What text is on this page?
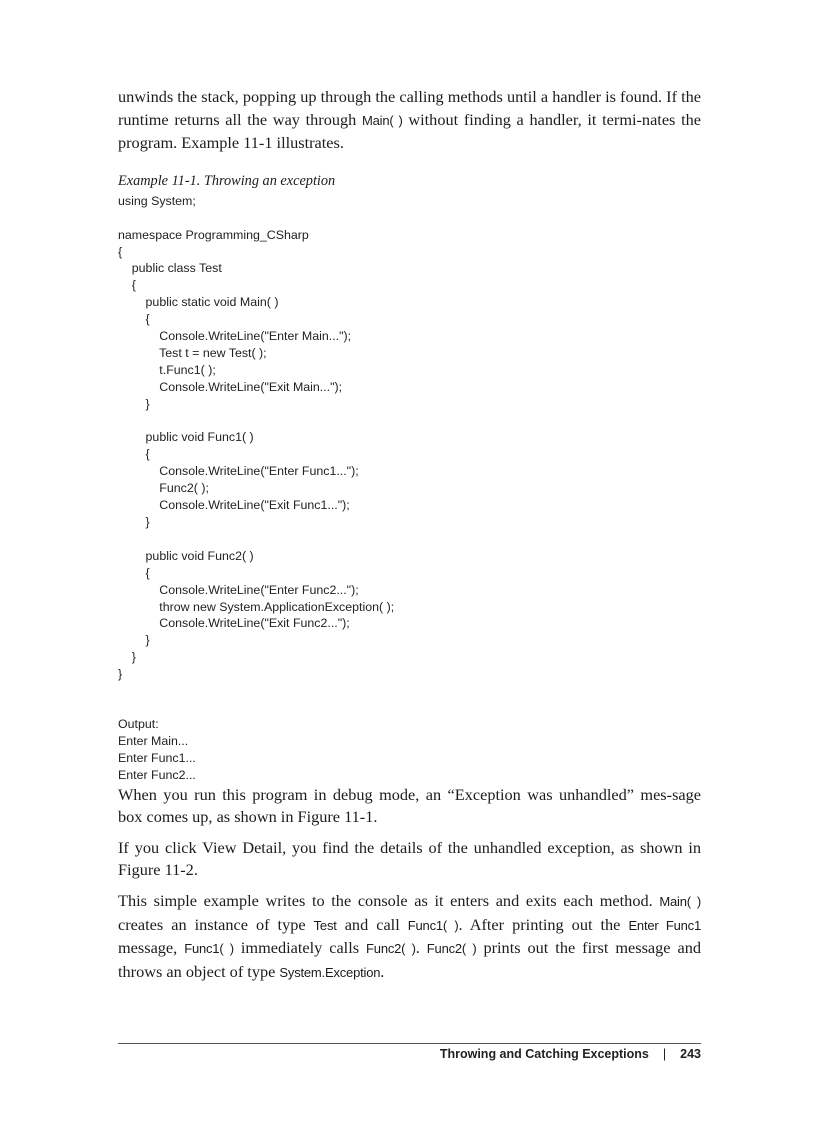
unwinds the stack, popping up through the calling methods until a handler is found. If the runtime returns all the way through Main( ) without finding a handler, it termi-nates the program. Example 11-1 illustrates.

Example 11-1. Throwing an exception
using System;

namespace Programming_CSharp
{
public class Test
{
public static void Main( )
{
Console.WriteLine("Enter Main...");
Test t = new Test( );
t.Func1( );
Console.WriteLine("Exit Main...");
}

public void Func1( )
{
Console.WriteLine("Enter Func1...");
Func2( );
Console.WriteLine("Exit Func1...");
}

public void Func2( )
{
Console.WriteLine("Enter Func2...");
throw new System.ApplicationException( );
Console.WriteLine("Exit Func2...");
}
}
}
Output:
Enter Main...
Enter Func1...
Enter Func2...

When you run this program in debug mode, an “Exception was unhandled” mes-sage box comes up, as shown in Figure 11-1.

If you click View Detail, you find the details of the unhandled exception, as shown in Figure 11-2.

This simple example writes to the console as it enters and exits each method. Main( ) creates an instance of type Test and call Func1( ). After printing out the Enter Func1 message, Func1( ) immediately calls Func2( ). Func2( ) prints out the first message and throws an object of type System.Exception.

Throwing and Catching Exceptions | 243
